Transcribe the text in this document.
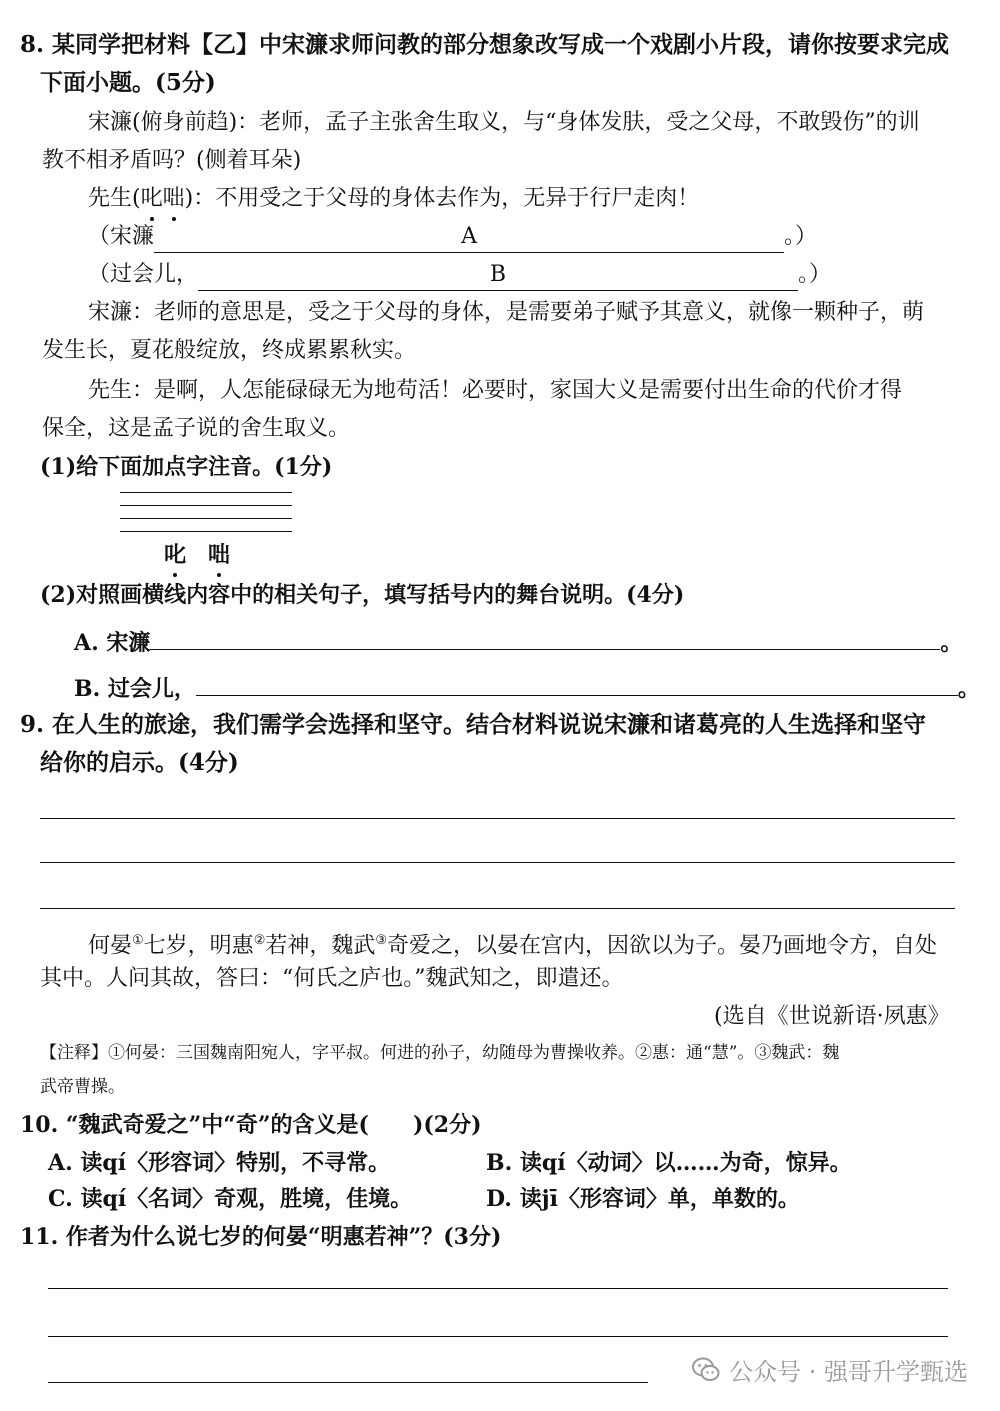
8. 某同学把材料【乙】中宋濂求师问教的部分想象改写成一个戏剧小片段，请你按要求完成
下面小题。(5分)
宋濂(俯身前趋)：老师，孟子主张舍生取义，与“身体发肤，受之父母，不敢毁伤”的训
教不相矛盾吗？(侧着耳朵)
先生(叱咄)：不用受之于父母的身体去作为，无异于行尸走肉！
（宋濂	A	。）
（过会儿，	B	。）
宋濂：老师的意思是，受之于父母的身体，是需要弟子赋予其意义，就像一颗种子，萌
发生长，夏花般绽放，终成累累秋实。
先生：是啊，人怎能碌碌无为地苟活！必要时，家国大义是需要付出生命的代价才得
保全，这是孟子说的舍生取义。
(1)给下面加点字注音。(1分)
叱 咄
(2)对照画横线内容中的相关句子，填写括号内的舞台说明。(4分)
A. 宋濂	。
B. 过会儿，	。
9. 在人生的旅途，我们需学会选择和坚守。结合材料说说宋濂和诸葛亮的人生选择和坚守
给你的启示。(4分)
何晏①七岁，明惠②若神，魏武③奇爱之，以晏在宫内，因欲以为子。晏乃画地令方，自处
其中。人问其故，答曰：“何氏之庐也。”魏武知之，即遣还。
(选自《世说新语·夙惠》
【注释】①何晏：三国魏南阳宛人，字平叔。何进的孙子，幼随母为曹操收养。②惠：通“慧”。③魏武：魏
武帝曹操。
10. “魏武奇爱之”中“奇”的含义是(　　)(2分)
A. 读qí〈形容词〉特别，不寻常。	B. 读qí〈动词〉以……为奇，惊异。
C. 读qí〈名词〉奇观，胜境，佳境。	D. 读jī〈形容词〉单，单数的。
11. 作者为什么说七岁的何晏“明惠若神”？(3分)
公众号 · 强哥升学甄选
